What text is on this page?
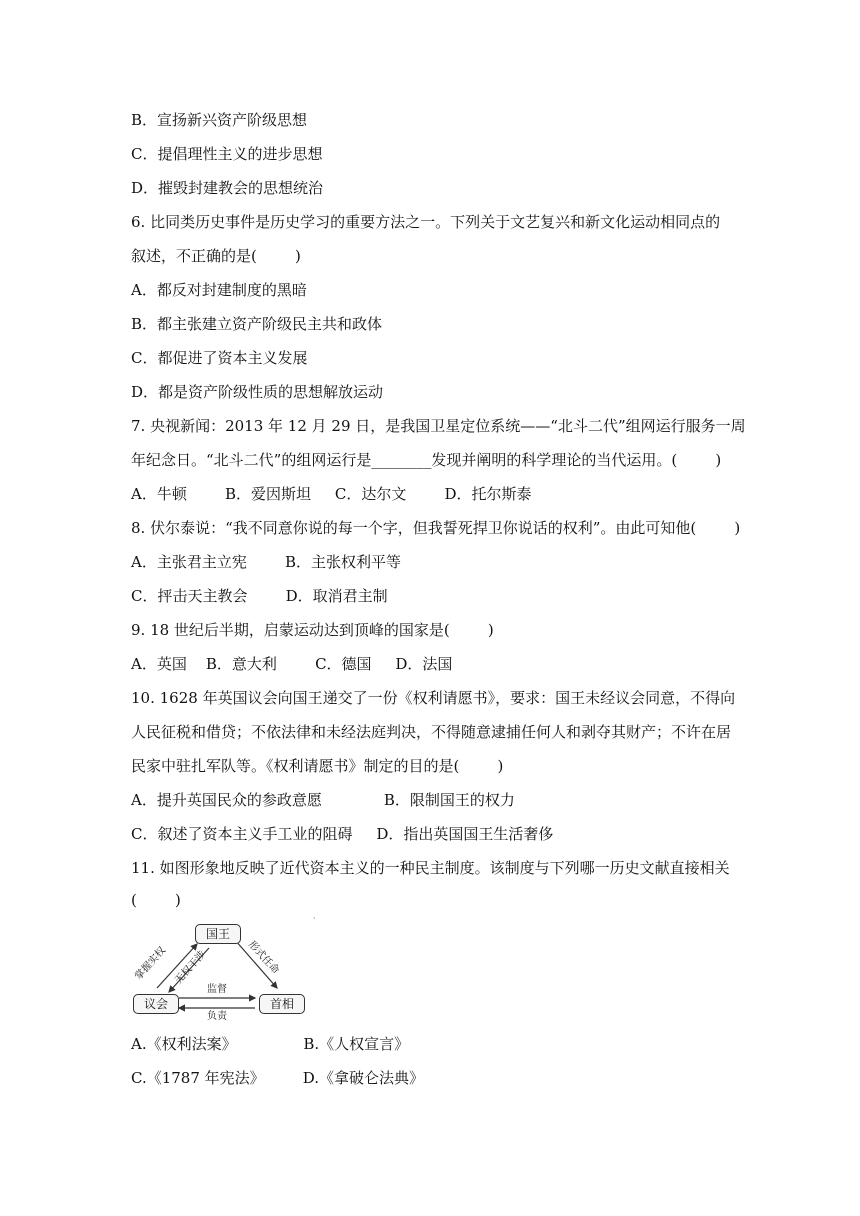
B．宣扬新兴资产阶级思想
C．提倡理性主义的进步思想
D．摧毁封建教会的思想统治
6. 比同类历史事件是历史学习的重要方法之一。下列关于文艺复兴和新文化运动相同点的
叙述，不正确的是(        )
A．都反对封建制度的黑暗
B．都主张建立资产阶级民主共和政体
C．都促进了资本主义发展
D．都是资产阶级性质的思想解放运动
7. 央视新闻：2013 年 12 月 29 日，是我国卫星定位系统——“北斗二代”组网运行服务一周
年纪念日。“北斗二代”的组网运行是________发现并阐明的科学理论的当代运用。(        )
A．牛顿        B．爱因斯坦     C．达尔文        D．托尔斯泰
8. 伏尔泰说：“我不同意你说的每一个字，但我誓死捍卫你说话的权利”。由此可知他(        )
A．主张君主立宪        B．主张权利平等
C．抨击天主教会        D．取消君主制
9. 18 世纪后半期，启蒙运动达到顶峰的国家是(        )
A．英国    B．意大利        C．德国     D．法国
10. 1628 年英国议会向国王递交了一份《权利请愿书》，要求：国王未经议会同意，不得向
人民征税和借贷；不依法律和未经法庭判决，不得随意逮捕任何人和剥夺其财产；不许在居
民家中驻扎军队等。《权利请愿书》制定的目的是(        )
A．提升英国民众的参政意愿             B．限制国王的权力
C．叙述了资本主义手工业的阻碍     D．指出英国国王生活奢侈
11. 如图形象地反映了近代资本主义的一种民主制度。该制度与下列哪一历史文献直接相关
(        )
·
国王
议会	首相
掌握实权 无权干涉	形式任命
监督
负责
A.《权利法案》              B.《人权宣言》
C.《1787 年宪法》        D.《拿破仑法典》
